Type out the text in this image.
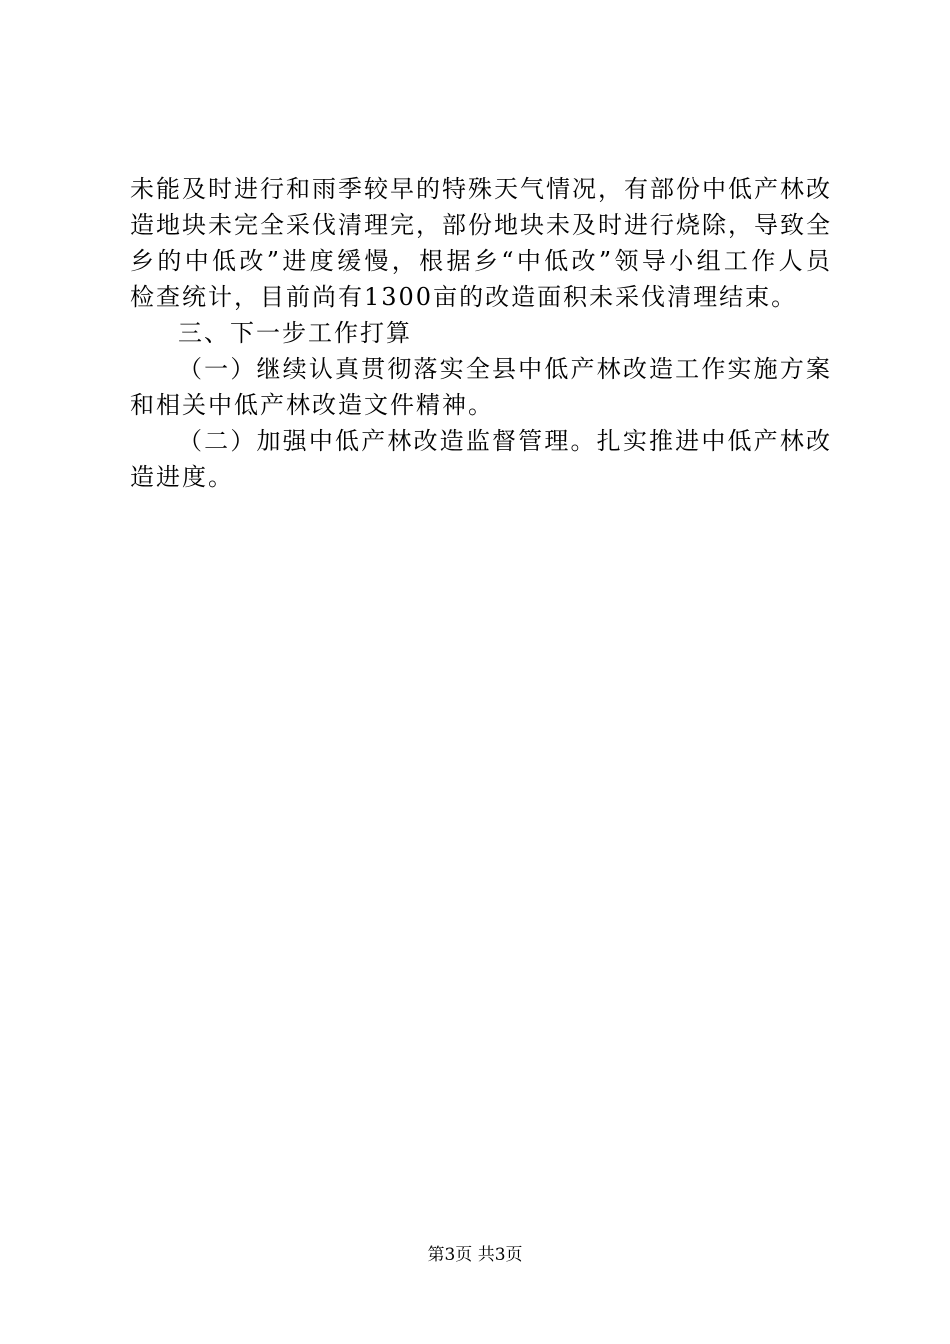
未能及时进行和雨季较早的特殊天气情况，有部份中低产林改
造地块未完全采伐清理完，部份地块未及时进行烧除，导致全
乡的中低改”进度缓慢，根据乡“中低改”领导小组工作人员
检查统计，目前尚有1300亩的改造面积未采伐清理结束。
三、下一步工作打算
（一）继续认真贯彻落实全县中低产林改造工作实施方案
和相关中低产林改造文件精神。
（二）加强中低产林改造监督管理。扎实推进中低产林改
造进度。
第3页 共3页
